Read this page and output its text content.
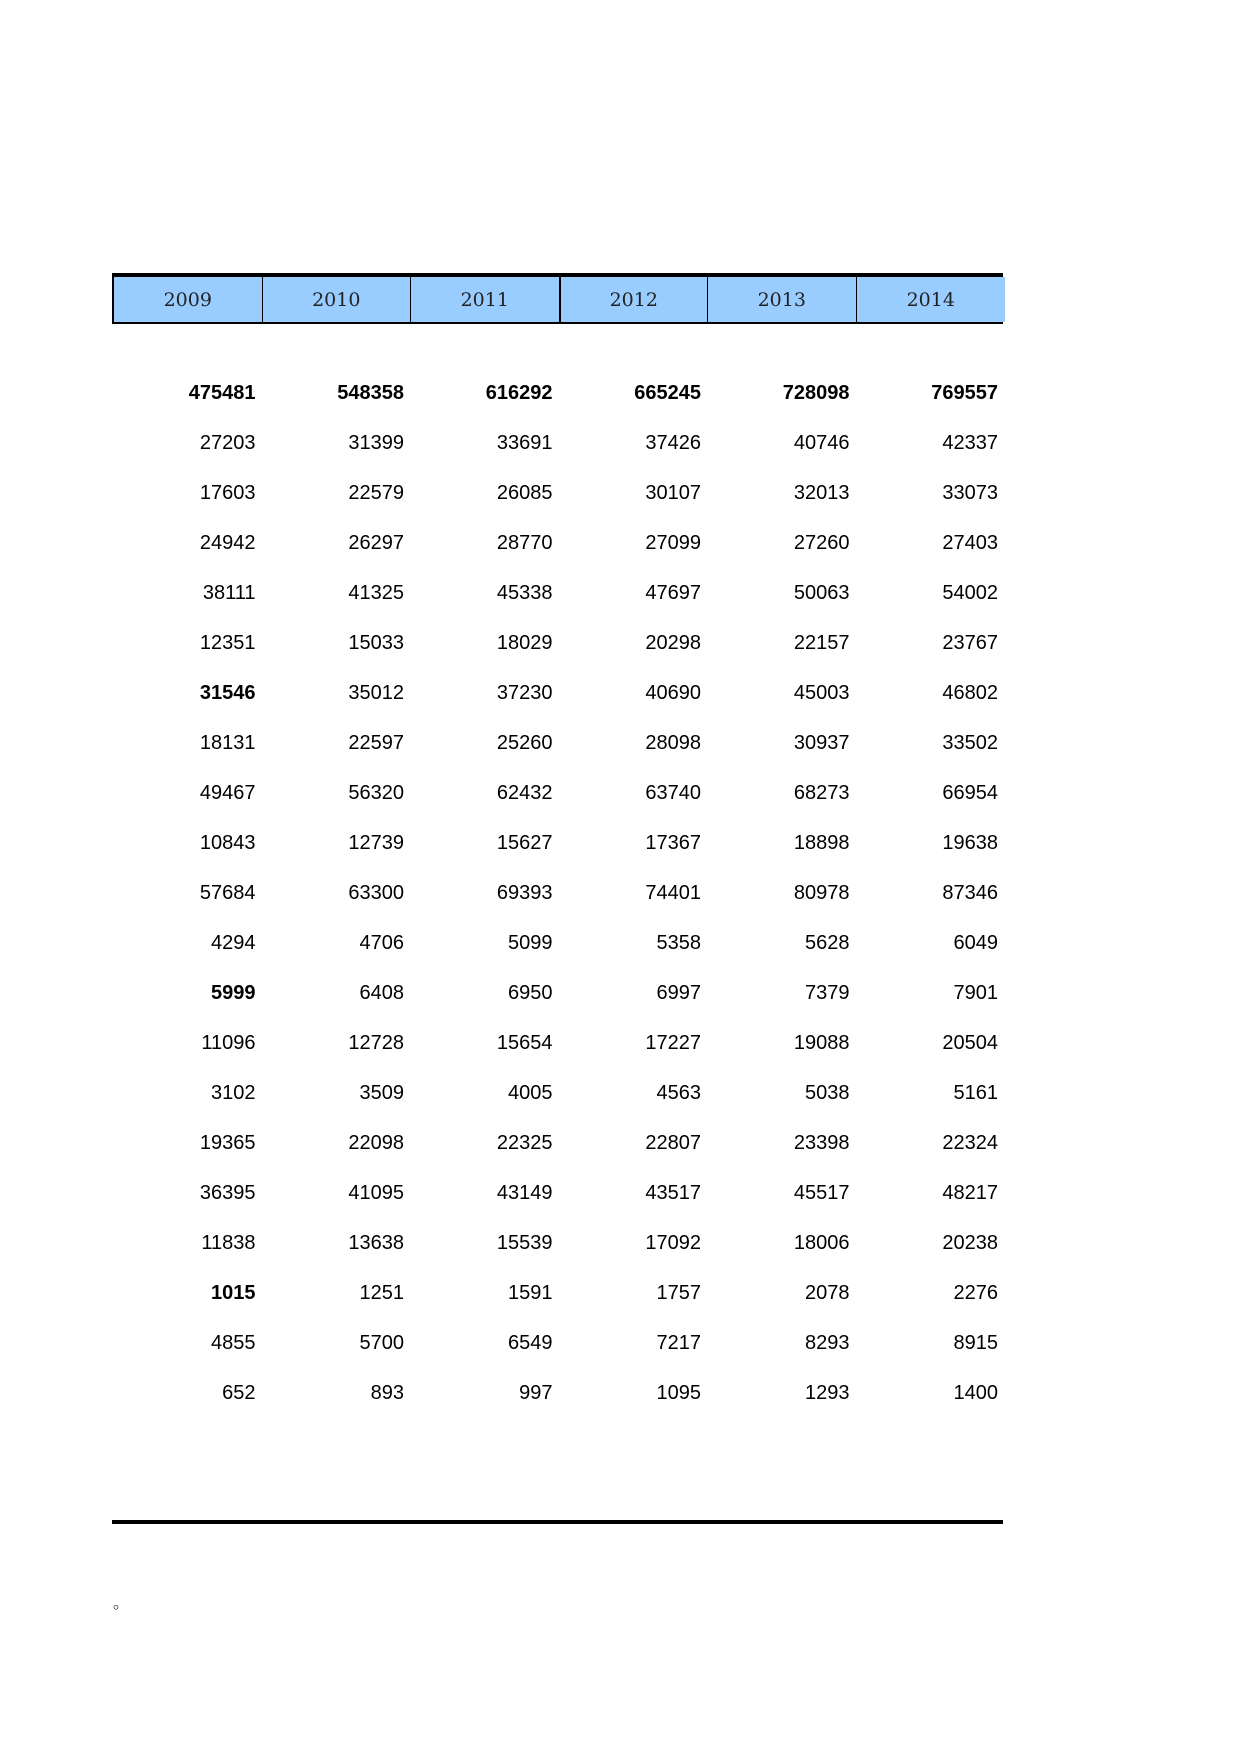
2009	2010	2011	2012	2013	2014
475481	548358	616292	665245	728098	769557
27203	31399	33691	37426	40746	42337
17603	22579	26085	30107	32013	33073
24942	26297	28770	27099	27260	27403
38111	41325	45338	47697	50063	54002
12351	15033	18029	20298	22157	23767
31546	35012	37230	40690	45003	46802
18131	22597	25260	28098	30937	33502
49467	56320	62432	63740	68273	66954
10843	12739	15627	17367	18898	19638
57684	63300	69393	74401	80978	87346
4294	4706	5099	5358	5628	6049
5999	6408	6950	6997	7379	7901
11096	12728	15654	17227	19088	20504
3102	3509	4005	4563	5038	5161
19365	22098	22325	22807	23398	22324
36395	41095	43149	43517	45517	48217
11838	13638	15539	17092	18006	20238
1015	1251	1591	1757	2078	2276
4855	5700	6549	7217	8293	8915
652	893	997	1095	1293	1400
。
